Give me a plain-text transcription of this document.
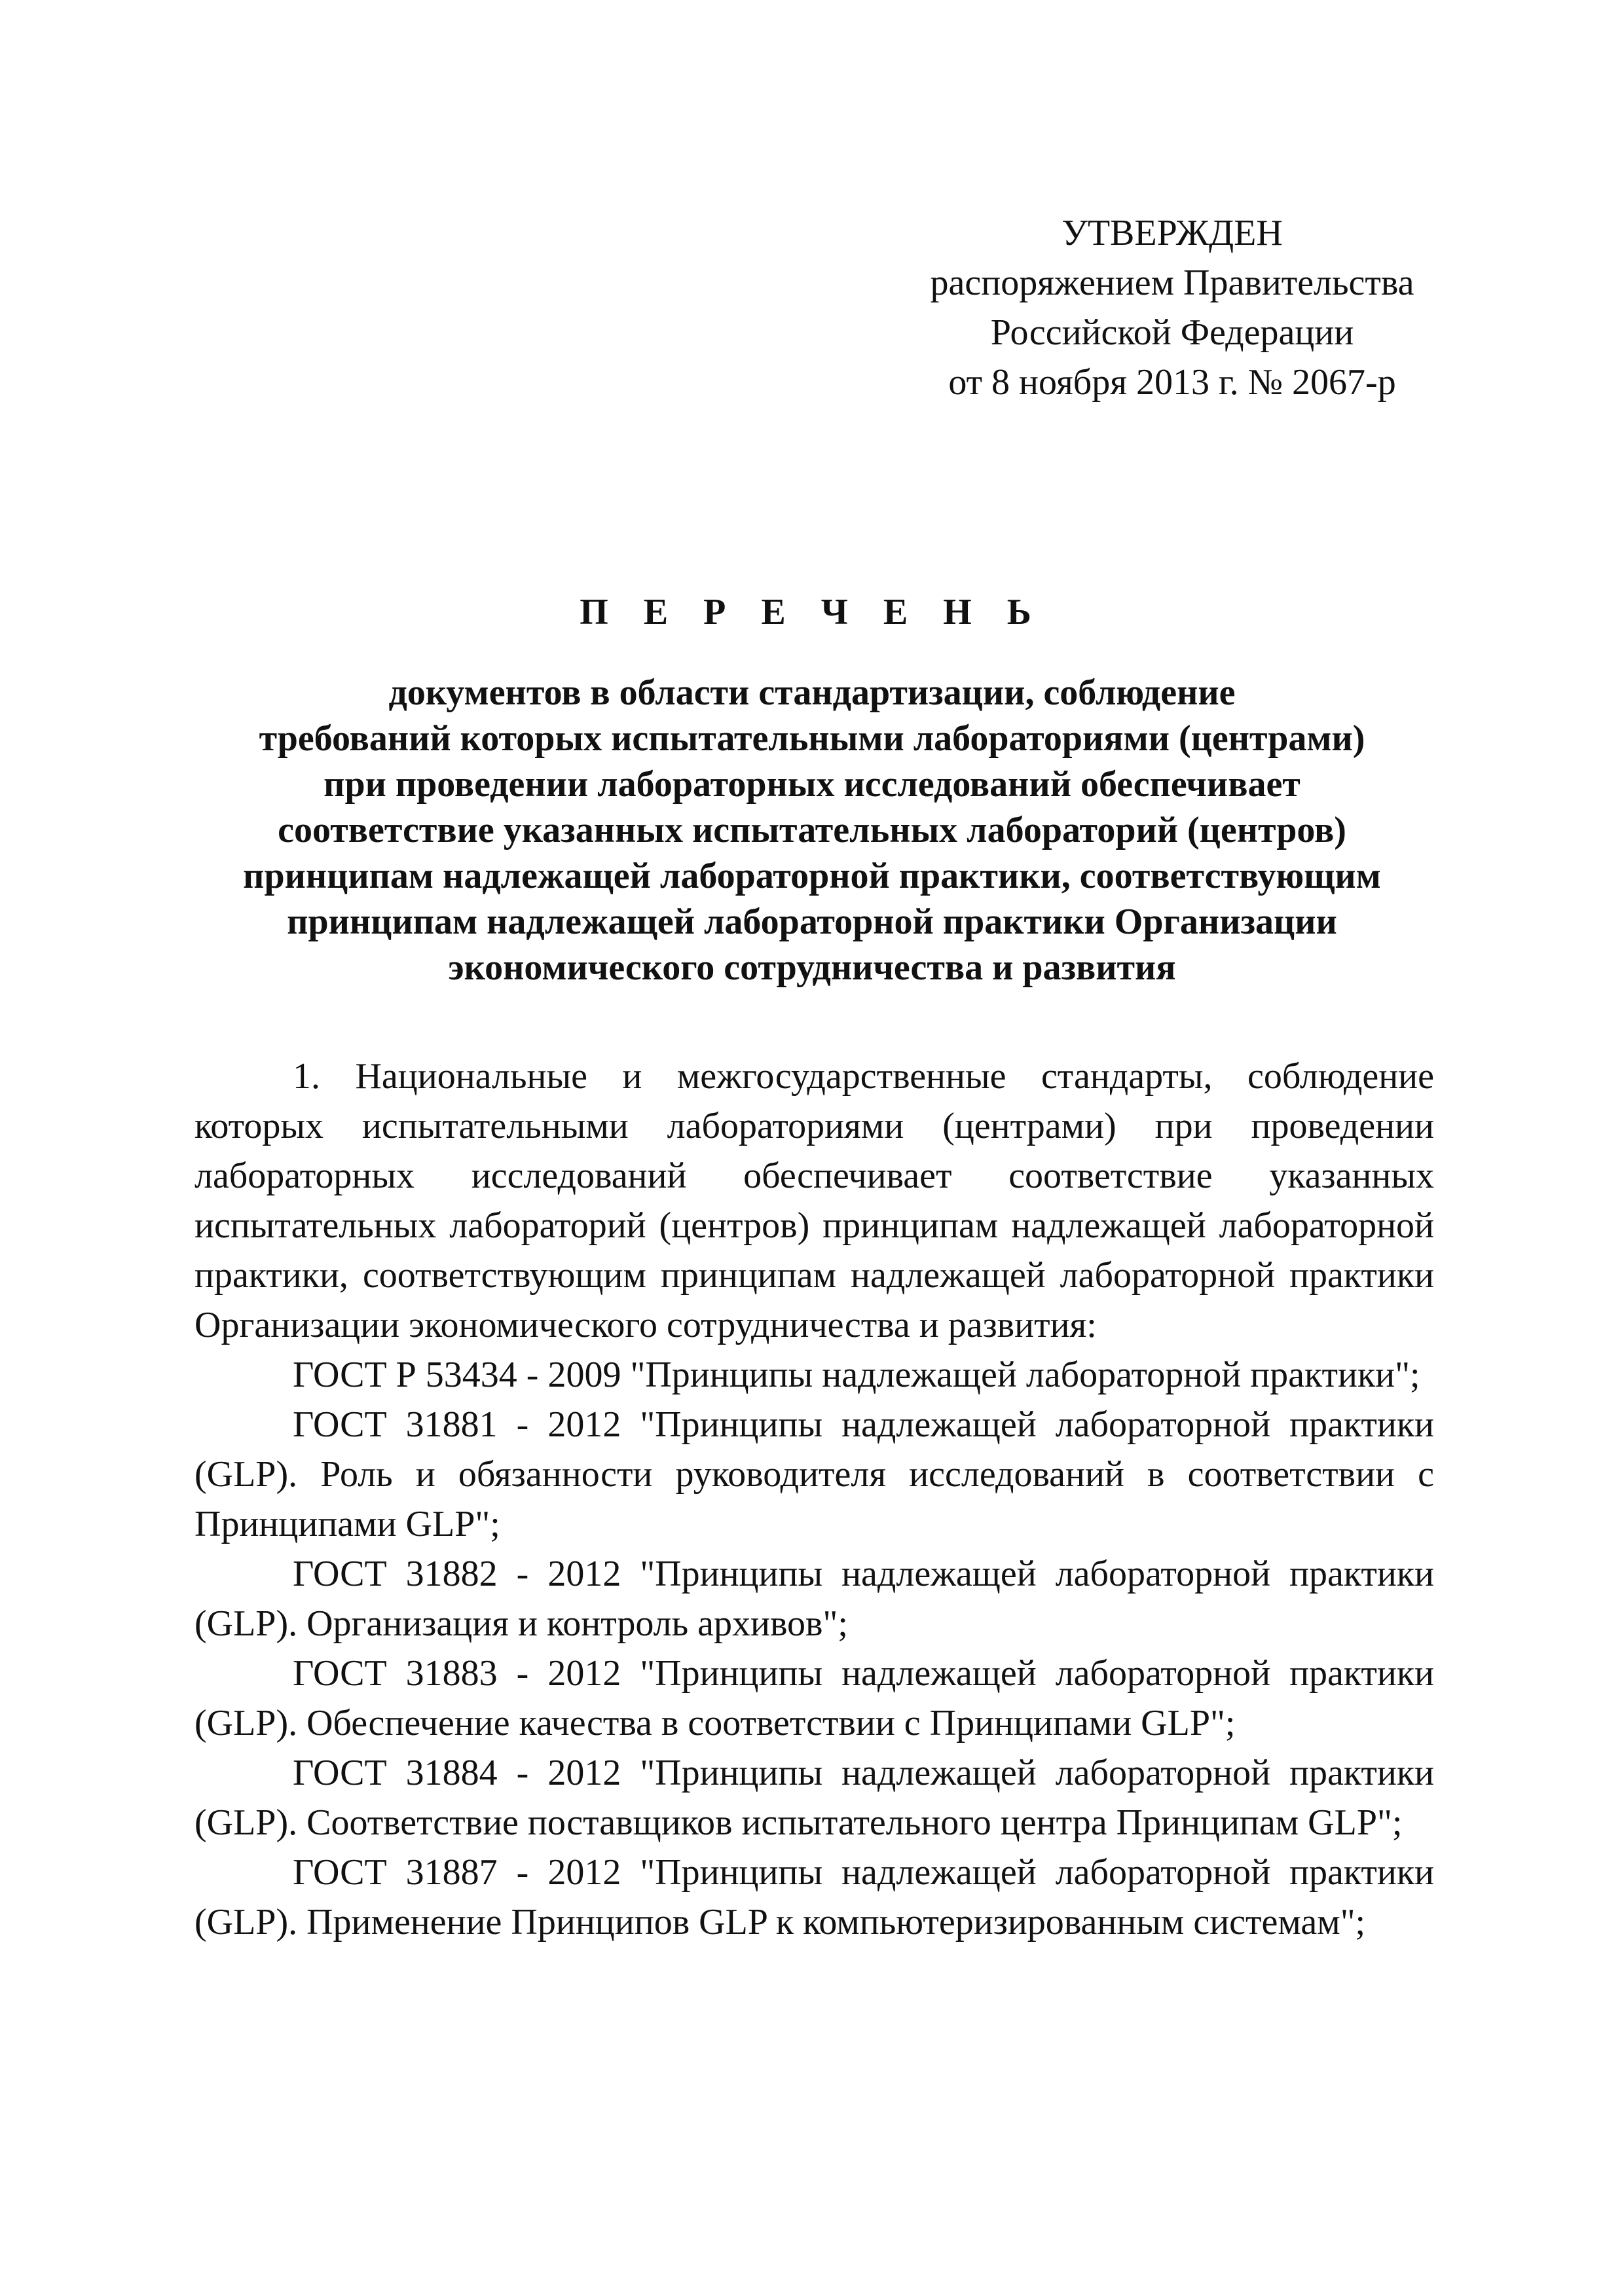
УТВЕРЖДЕН
распоряжением Правительства
Российской Федерации
от 8 ноября 2013 г. № 2067-р
П Е Р Е Ч Е Н Ь
документов в области стандартизации, соблюдение
требований которых испытательными лабораториями (центрами)
при проведении лабораторных исследований обеспечивает
соответствие указанных испытательных лабораторий (центров)
принципам надлежащей лабораторной практики, соответствующим
принципам надлежащей лабораторной практики Организации
экономического сотрудничества и развития

1. Национальные и межгосударственные стандарты, соблюдение которых испытательными лабораториями (центрами) при проведении лабораторных исследований обеспечивает соответствие указанных испытательных лабораторий (центров) принципам надлежащей лабораторной практики, соответствующим принципам надлежащей лабораторной практики Организации экономического сотрудничества и развития:

ГОСТ Р 53434 - 2009 "Принципы надлежащей лабораторной практики";

ГОСТ 31881 - 2012 "Принципы надлежащей лабораторной практики (GLP). Роль и обязанности руководителя исследований в соответствии с Принципами GLP";

ГОСТ 31882 - 2012 "Принципы надлежащей лабораторной практики (GLP). Организация и контроль архивов";

ГОСТ 31883 - 2012 "Принципы надлежащей лабораторной практики (GLP). Обеспечение качества в соответствии с Принципами GLP";

ГОСТ 31884 - 2012 "Принципы надлежащей лабораторной практики (GLP). Соответствие поставщиков испытательного центра Принципам GLP";

ГОСТ 31887 - 2012 "Принципы надлежащей лабораторной практики (GLP). Применение Принципов GLP к компьютеризированным системам";
